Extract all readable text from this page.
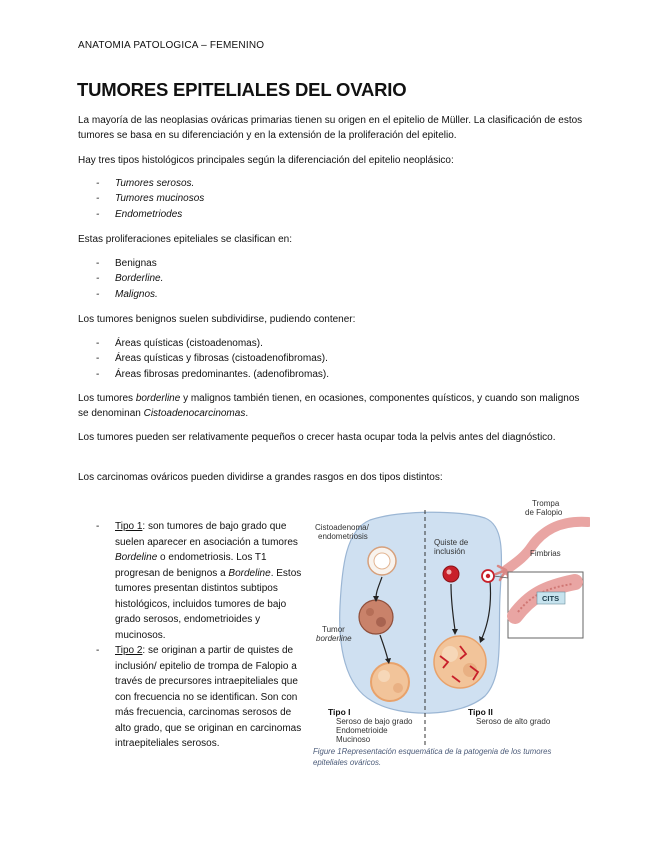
ANATOMIA PATOLOGICA – FEMENINO
TUMORES EPITELIALES DEL OVARIO

La mayoría de las neoplasias ováricas primarias tienen su origen en el epitelio de Müller. La clasificación de estos tumores se basa en su diferenciación y en la extensión de la proliferación del epitelio.

Hay tres tipos histológicos principales según la diferenciación del epitelio neoplásico:

- Tumores serosos.
- Tumores mucinosos
- Endometriodes

Estas proliferaciones epiteliales se clasifican en:

- Benignas
- Borderline.
- Malignos.

Los tumores benignos suelen subdividirse, pudiendo contener:

- Áreas quísticas (cistoadenomas).
- Áreas quísticas y fibrosas (cistoadenofibromas).
- Áreas fibrosas predominantes. (adenofibromas).

Los tumores borderline y malignos también tienen, en ocasiones, componentes quísticos, y cuando son malignos se denominan Cistoadenocarcinomas.

Los tumores pueden ser relativamente pequeños o crecer hasta ocupar toda la pelvis antes del diagnóstico.

Los carcinomas ováricos pueden dividirse a grandes rasgos en dos tipos distintos:

- Tipo 1: son tumores de bajo grado que suelen aparecer en asociación a tumores Bordeline o endometriosis. Los T1 progresan de benignos a Bordeline. Estos tumores presentan distintos subtipos histológicos, incluidos tumores de bajo grado serosos, endometrioides y mucinosos.
- Tipo 2: se originan a partir de quistes de inclusión/ epitelio de trompa de Falopio a través de precursores intraepiteliales que con frecuencia no se identifican. Son con más frecuencia, carcinomas serosos de alto grado, que se originan en carcinomas intraepiteliales serosos.
Cistoadenoma/
endometriosis
Quiste de
inclusión
Trompa
de Falopio
Fimbrias
CITS
Tumor
borderline
Tipo I
Seroso de bajo grado
Endometrioide
Mucinoso
Tipo II
Seroso de alto grado

Figure 1Representación esquemática de la patogenia de los tumores epiteliales ováricos.
